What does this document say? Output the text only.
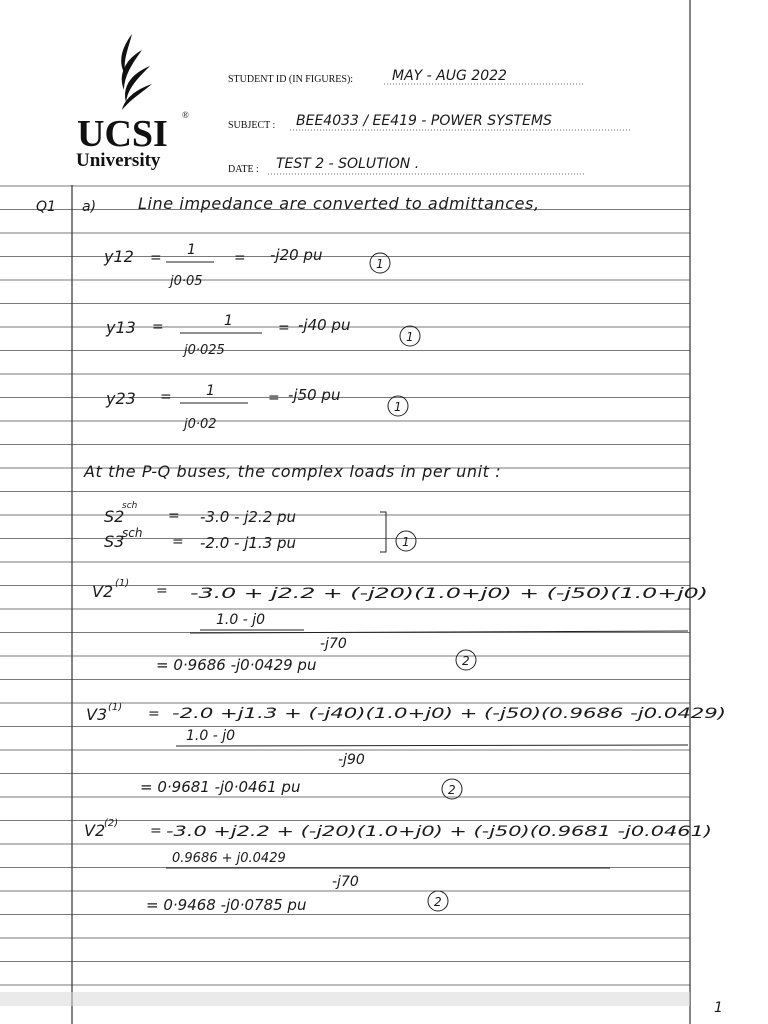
UCSI ®
University
STUDENT ID (IN FIGURES):	MAY - AUG 2022
SUBJECT : BEE4033 / EE419 - POWER SYSTEMS
DATE : TEST 2 - SOLUTION .
Q1 a)	Line impedance are converted to admittances,
y12 = 1
j0·05
= -j20 pu	1
y13 =	1
j0·025
= -j40 pu
1
y23 = 1
j0·02
= -j50 pu
1
At the P-Q buses, the complex loads in per unit :
S2
sch
= -3.0 - j2.2 pu
S3
sch
= -2.0 - j1.3 pu	1
V2 (1) = -3.0 + j2.2 + (-j20)(1.0+j0) + (-j50)(1.0+j0)
1.0 - j0
-j70
= 0·9686 -j0·0429 pu	2
V3 (1) = -2.0 +j1.3 + (-j40)(1.0+j0) + (-j50)(0.9686 -j0.0429)
1.0 - j0
-j90
= 0·9681 -j0·0461 pu	2
V2
(2) = -3.0 +j2.2 + (-j20)(1.0+j0) + (-j50)(0.9681 -j0.0461)
0.9686 + j0.0429
-j70
= 0·9468 -j0·0785 pu	2
1
